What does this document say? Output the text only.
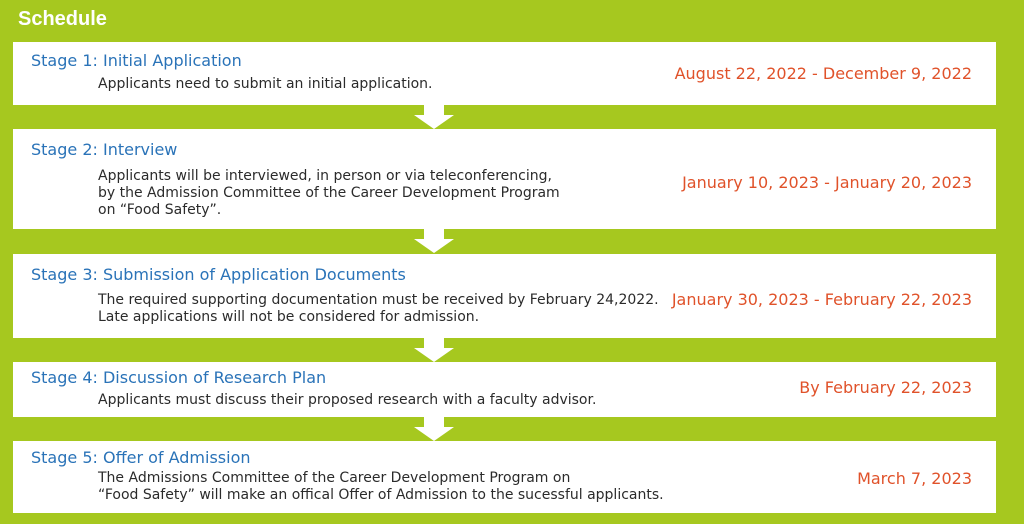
Schedule
Stage 1: Initial Application
Applicants need to submit an initial application.
August 22, 2022 - December 9, 2022
Stage 2: Interview
Applicants will be interviewed, in person or via teleconferencing,
by the Admission Committee of the Career Development Program
on “Food Safety”.
January 10, 2023 - January 20, 2023
Stage 3: Submission of Application Documents
The required supporting documentation must be received by February 24,2022.
Late applications will not be considered for admission.
January 30, 2023 - February 22, 2023
Stage 4: Discussion of Research Plan
Applicants must discuss their proposed research with a faculty advisor.
By February 22, 2023
Stage 5: Offer of Admission
The Admissions Committee of the Career Development Program on
“Food Safety” will make an offical Offer of Admission to the sucessful applicants.
March 7, 2023
